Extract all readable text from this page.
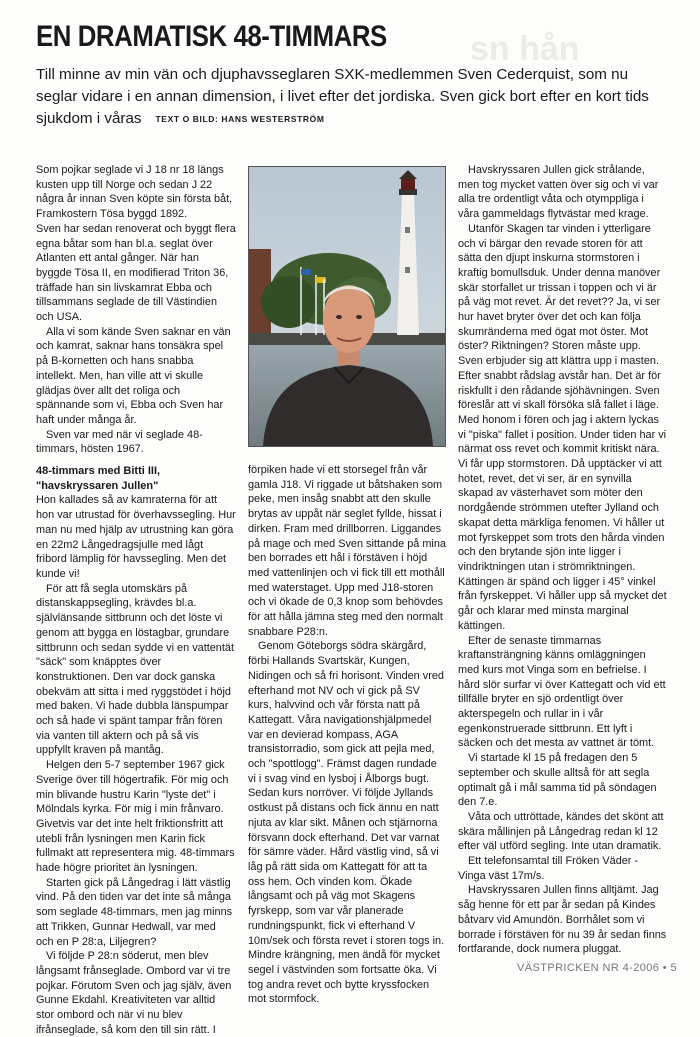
sn hån
EN DRAMATISK 48-TIMMARS

Till minne av min vän och djuphavsseglaren SXK-medlemmen Sven Cederquist, som nu seglar vidare i en annan dimension, i livet efter det jordiska. Sven gick bort efter en kort tids sjukdom i våras TEXT O BILD: HANS WESTERSTRÖM

Som pojkar seglade vi J 18 nr 18 längs kusten upp till Norge och sedan J 22 några år innan Sven köpte sin första båt, Framkostern Tösa byggd 1892.

Sven har sedan renoverat och byggt flera egna båtar som han bl.a. seglat över Atlanten ett antal gånger. När han byggde Tösa II, en modifierad Triton 36, träffade han sin livskamrat Ebba och tillsammans seglade de till Västindien och USA.

Alla vi som kände Sven saknar en vän och kamrat, saknar hans tonsäkra spel på B-kornetten och hans snabba intellekt. Men, han ville att vi skulle glädjas över allt det roliga och spännande som vi, Ebba och Sven har haft under många år.

Sven var med när vi seglade 48-timmars, hösten 1967.

48-timmars med Bitti III, "havskryssaren Jullen"

Hon kallades så av kamraterna för att hon var utrustad för överhavssegling. Hur man nu med hjälp av utrustning kan göra en 22m2 Långedragsjulle med lågt fribord lämplig för havssegling. Men det kunde vi!

För att få segla utomskärs på distanskappsegling, krävdes bl.a. självlänsande sittbrunn och det löste vi genom att bygga en löstagbar, grundare sittbrunn och sedan sydde vi en vattentät "säck" som knäpptes över konstruktionen. Den var dock ganska obekväm att sitta i med ryggstödet i höjd med baken. Vi hade dubbla länspumpar och så hade vi spänt tampar från fören via vanten till aktern och på så vis uppfyllt kraven på mantåg.

Helgen den 5-7 september 1967 gick Sverige över till högertrafik. För mig och min blivande hustru Karin "lyste det" i Mölndals kyrka. För mig i min frånvaro. Givetvis var det inte helt friktionsfritt att utebli från lysningen men Karin fick fullmakt att representera mig. 48-timmars hade högre prioritet än lysningen.

Starten gick på Långedrag i lätt västlig vind. På den tiden var det inte så många som seglade 48-timmars, men jag minns att Trikken, Gunnar Hedwall, var med och en P 28:a, Liljegren?

Vi följde P 28:n söderut, men blev långsamt frånseglade. Ombord var vi tre pojkar. Förutom Sven och jag själv, även Gunne Ekdahl. Kreativiteten var alltid stor ombord och när vi nu blev ifrånseglade, så kom den till sin rätt. I

förpiken hade vi ett storsegel från vår gamla J18. Vi riggade ut båtshaken som peke, men insåg snabbt att den skulle brytas av uppåt när seglet fyllde, hissat i dirken. Fram med drillborren. Liggandes på mage och med Sven sittande på mina ben borrades ett hål i förstäven i höjd med vattenlinjen och vi fick till ett mothåll med waterstaget. Upp med J18-storen och vi ökade de 0,3 knop som behövdes för att hålla jämna steg med den normalt snabbare P28:n.

Genom Göteborgs södra skärgård, förbi Hallands Svartskär, Kungen, Nidingen och så fri horisont. Vinden vred efterhand mot NV och vi gick på SV kurs, halvvind och vår första natt på Kattegatt. Våra navigationshjälpmedel var en devierad kompass, AGA transistorradio, som gick att pejla med, och "spottlogg". Främst dagen rundade vi i svag vind en lysboj i Ålborgs bugt. Sedan kurs norröver. Vi följde Jyllands ostkust på distans och fick ännu en natt njuta av klar sikt. Månen och stjärnorna försvann dock efterhand. Det var varnat för sämre väder. Hård västlig vind, så vi låg på rätt sida om Kattegatt för att ta oss hem. Och vinden kom. Ökade långsamt och på väg mot Skagens fyrskepp, som var vår planerade rundningspunkt, fick vi efterhand V 10m/sek och första revet i storen togs in. Mindre krängning, men ändå för mycket segel i västvinden som fortsatte öka. Vi tog andra revet och bytte kryssfocken mot stormfock.

Havskryssaren Jullen gick strålande, men tog mycket vatten över sig och vi var alla tre ordentligt våta och otymppliga i våra gammeldags flytvästar med krage.

Utanför Skagen tar vinden i ytterligare och vi bärgar den revade storen för att sätta den djupt inskurna stormstoren i kraftig bomullsduk. Under denna manöver skär storfallet ur trissan i toppen och vi är på väg mot revet. Är det revet?? Ja, vi ser hur havet bryter över det och kan följa skumränderna med ögat mot öster. Mot öster? Riktningen? Storen måste upp. Sven erbjuder sig att klättra upp i masten. Efter snabbt rådslag avstår han. Det är för riskfullt i den rådande sjöhävningen. Sven föreslår att vi skall försöka slå fallet i läge. Med honom i fören och jag i aktern lyckas vi "piska" fallet i position. Under tiden har vi närmat oss revet och kommit kritiskt nära. Vi får upp stormstoren. Då upptäcker vi att hotet, revet, det vi ser, är en synvilla skapad av västerhavet som möter den nordgående strömmen utefter Jylland och skapat detta märkliga fenomen. Vi håller ut mot fyrskeppet som trots den hårda vinden och den brytande sjön inte ligger i vindriktningen utan i strömriktningen. Kättingen är spänd och ligger i 45° vinkel från fyrskeppet. Vi håller upp så mycket det går och klarar med minsta marginal kättingen.

Efter de senaste timmarnas kraftansträngning känns omläggningen med kurs mot Vinga som en befrielse. I hård slör surfar vi över Kattegatt och vid ett tillfälle bryter en sjö ordentligt över akterspegeln och rullar in i vår egenkonstruerade sittbrunn. Ett lyft i säcken och det mesta av vattnet är tömt.

Vi startade kl 15 på fredagen den 5 september och skulle alltså för att segla optimalt gå i mål samma tid på söndagen den 7.e.

Våta och uttröttade, kändes det skönt att skära mållinjen på Långedrag redan kl 12 efter väl utförd segling. Inte utan dramatik.

Ett telefonsamtal till Fröken Väder - Vinga väst 17m/s.

Havskryssaren Jullen finns alltjämt. Jag såg henne för ett par år sedan på Kindes båtvarv vid Amundön. Borrhålet som vi borrade i förstäven för nu 39 år sedan finns fortfarande, dock numera pluggat.

VÄSTPRICKEN NR 4-2006 • 5
